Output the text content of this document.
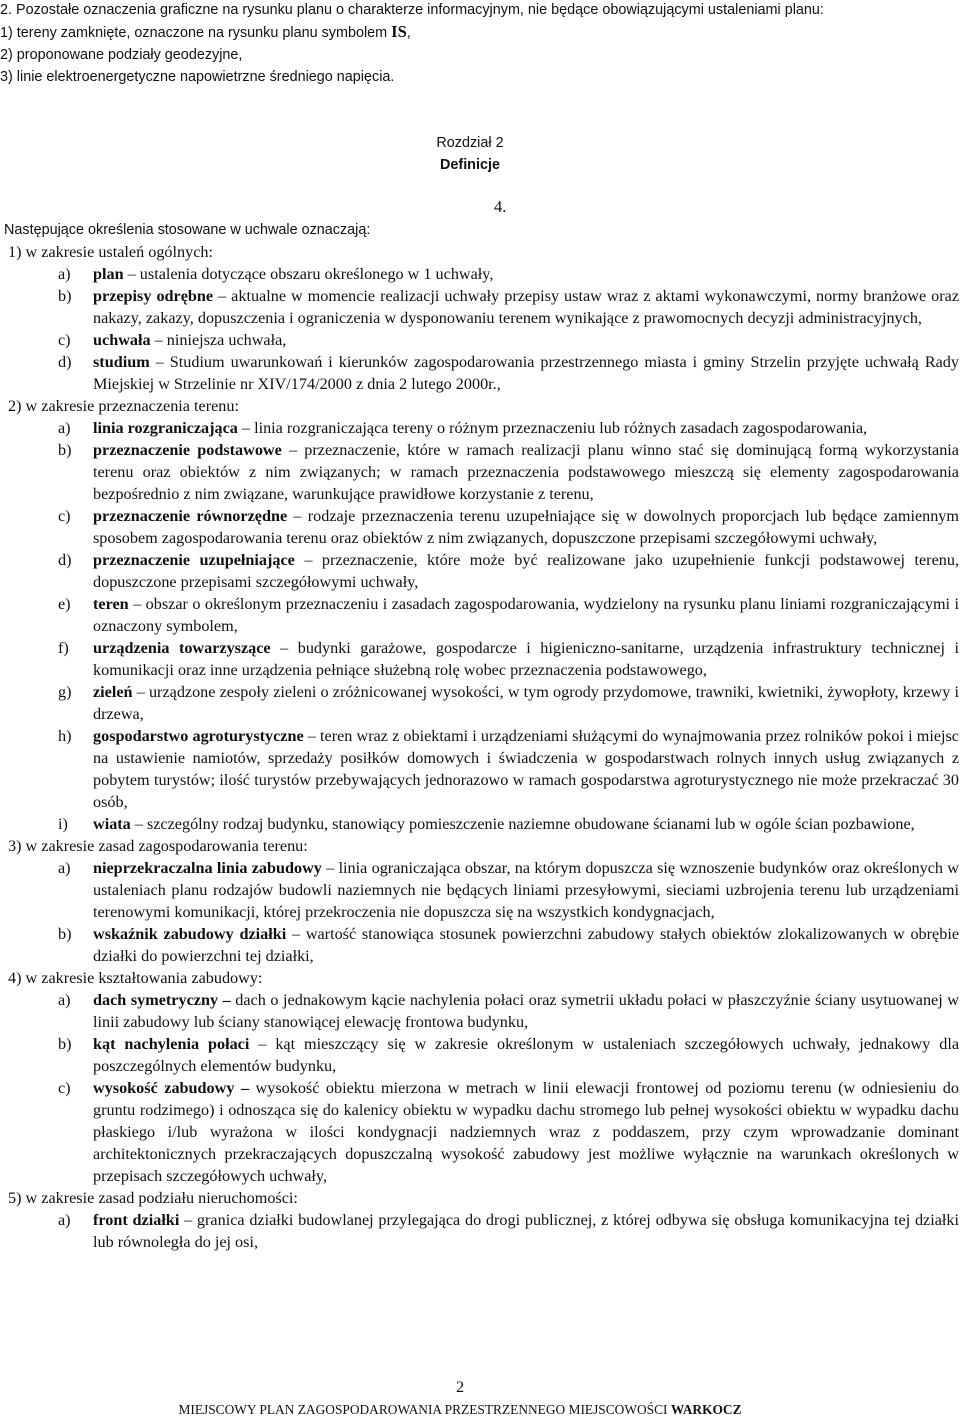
2. Pozostałe oznaczenia graficzne na rysunku planu o charakterze informacyjnym, nie będące obowiązującymi ustaleniami planu:

1) tereny zamknięte, oznaczone na rysunku planu symbolem IS,

2) proponowane podziały geodezyjne,

3) linie elektroenergetyczne napowietrzne średniego napięcia.

Rozdział 2
Definicje
4.
Następujące określenia stosowane w uchwale oznaczają:

1) w zakresie ustaleń ogólnych:

a) plan – ustalenia dotyczące obszaru określonego w 1 uchwały,

b) przepisy odrębne – aktualne w momencie realizacji uchwały przepisy ustaw wraz z aktami wykonawczymi, normy branżowe oraz nakazy, zakazy, dopuszczenia i ograniczenia w dysponowaniu terenem wynikające z prawomocnych decyzji administracyjnych,

c) uchwała – niniejsza uchwała,

d) studium – Studium uwarunkowań i kierunków zagospodarowania przestrzennego miasta i gminy Strzelin przyjęte uchwałą Rady Miejskiej w Strzelinie nr XIV/174/2000 z dnia 2 lutego 2000r.,

2) w zakresie przeznaczenia terenu:

a) linia rozgraniczająca – linia rozgraniczająca tereny o różnym przeznaczeniu lub różnych zasadach zagospodarowania,

b) przeznaczenie podstawowe – przeznaczenie, które w ramach realizacji planu winno stać się dominującą formą wykorzystania terenu oraz obiektów z nim związanych; w ramach przeznaczenia podstawowego mieszczą się elementy zagospodarowania bezpośrednio z nim związane, warunkujące prawidłowe korzystanie z terenu,

c) przeznaczenie równorzędne – rodzaje przeznaczenia terenu uzupełniające się w dowolnych proporcjach lub będące zamiennym sposobem zagospodarowania terenu oraz obiektów z nim związanych, dopuszczone przepisami szczegółowymi uchwały,

d) przeznaczenie uzupełniające – przeznaczenie, które może być realizowane jako uzupełnienie funkcji podstawowej terenu, dopuszczone przepisami szczegółowymi uchwały,

e) teren – obszar o określonym przeznaczeniu i zasadach zagospodarowania, wydzielony na rysunku planu liniami rozgraniczającymi i oznaczony symbolem,

f) urządzenia towarzyszące – budynki garażowe, gospodarcze i higieniczno-sanitarne, urządzenia infrastruktury technicznej i komunikacji oraz inne urządzenia pełniące służebną rolę wobec przeznaczenia podstawowego,

g) zieleń – urządzone zespoły zieleni o zróżnicowanej wysokości, w tym ogrody przydomowe, trawniki, kwietniki, żywopłoty, krzewy i drzewa,

h) gospodarstwo agroturystyczne – teren wraz z obiektami i urządzeniami służącymi do wynajmowania przez rolników pokoi i miejsc na ustawienie namiotów, sprzedaży posiłków domowych i świadczenia w gospodarstwach rolnych innych usług związanych z pobytem turystów; ilość turystów przebywających jednorazowo w ramach gospodarstwa agroturystycznego nie może przekraczać 30 osób,

i) wiata – szczególny rodzaj budynku, stanowiący pomieszczenie naziemne obudowane ścianami lub w ogóle ścian pozbawione,

3) w zakresie zasad zagospodarowania terenu:

a) nieprzekraczalna linia zabudowy – linia ograniczająca obszar, na którym dopuszcza się wznoszenie budynków oraz określonych w ustaleniach planu rodzajów budowli naziemnych nie będących liniami przesyłowymi, sieciami uzbrojenia terenu lub urządzeniami terenowymi komunikacji, której przekroczenia nie dopuszcza się na wszystkich kondygnacjach,

b) wskaźnik zabudowy działki – wartość stanowiąca stosunek powierzchni zabudowy stałych obiektów zlokalizowanych w obrębie działki do powierzchni tej działki,

4) w zakresie kształtowania zabudowy:

a) dach symetryczny – dach o jednakowym kącie nachylenia połaci oraz symetrii układu połaci w płaszczyźnie ściany usytuowanej w linii zabudowy lub ściany stanowiącej elewację frontowa budynku,

b) kąt nachylenia połaci – kąt mieszczący się w zakresie określonym w ustaleniach szczegółowych uchwały, jednakowy dla poszczególnych elementów budynku,

c) wysokość zabudowy – wysokość obiektu mierzona w metrach w linii elewacji frontowej od poziomu terenu (w odniesieniu do gruntu rodzimego) i odnosząca się do kalenicy obiektu w wypadku dachu stromego lub pełnej wysokości obiektu w wypadku dachu płaskiego i/lub wyrażona w ilości kondygnacji nadziemnych wraz z poddaszem, przy czym wprowadzanie dominant architektonicznych przekraczających dopuszczalną wysokość zabudowy jest możliwe wyłącznie na warunkach określonych w przepisach szczegółowych uchwały,

5) w zakresie zasad podziału nieruchomości:

a) front działki – granica działki budowlanej przylegająca do drogi publicznej, z której odbywa się obsługa komunikacyjna tej działki lub równoległa do jej osi,

2
MIEJSCOWY PLAN ZAGOSPODAROWANIA PRZESTRZENNEGO MIEJSCOWOŚCI WARKOCZ
